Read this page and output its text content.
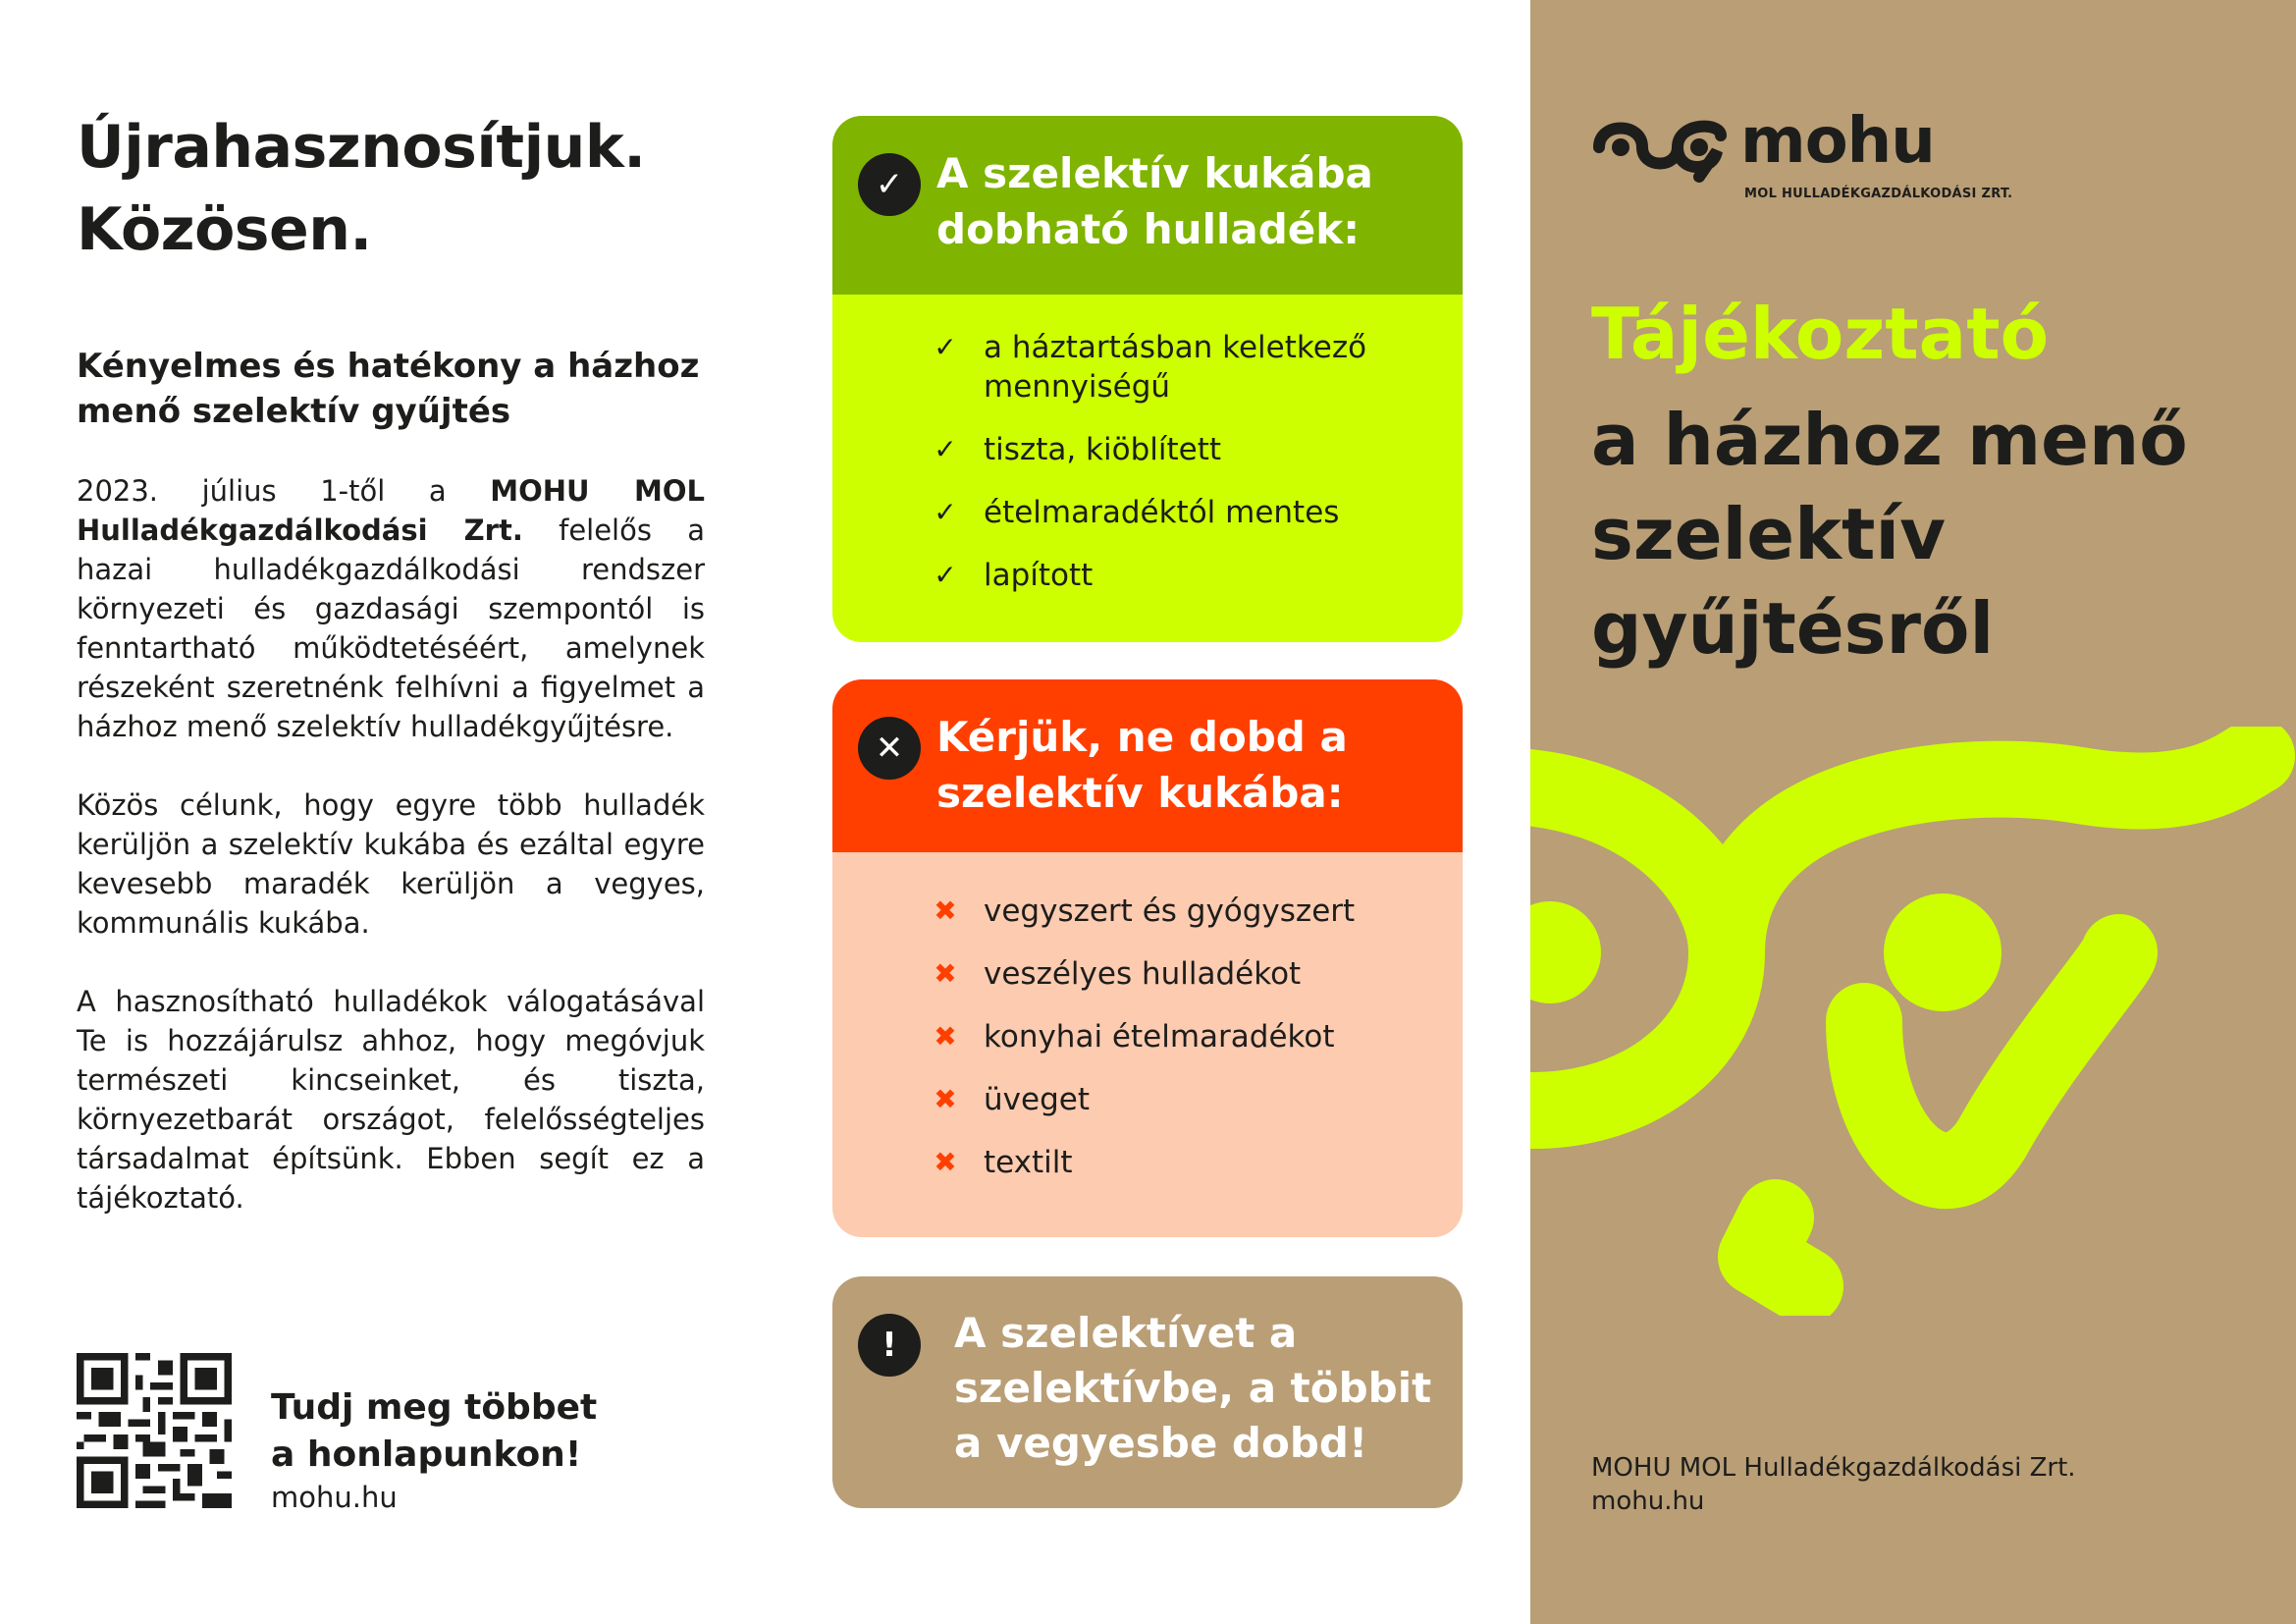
Újrahasznosítjuk.
Közösen.
Kényelmes és hatékony a házhoz menő szelektív gyűjtés

2023. július 1-től a MOHU MOL Hulladékgazdálkodási Zrt. felelős a hazai hulladékgazdálkodási rendszer környezeti és gazdasági szempontól is fenntartható működtetéséért, amelynek részeként szeretnénk felhívni a figyelmet a házhoz menő szelektív hulladékgyűjtésre.

Közös célunk, hogy egyre több hulladék kerüljön a szelektív kukába és ezáltal egyre kevesebb maradék kerüljön a vegyes, kommunális kukába.

A hasznosítható hulladékok válogatásával Te is hozzájárulsz ahhoz, hogy megóvjuk természeti kincseinket, és tiszta, környezetbarát országot, felelősségteljes társadalmat építsünk. Ebben segít ez a tájékoztató.

Tudj meg többet
a honlapunkon!

mohu.hu

✓ A szelektív kukába
dobható hulladék:
✓ a háztartásban keletkező mennyiségű
✓ tiszta, kiöblített
✓ ételmaradéktól mentes
✓ lapított
✕ Kérjük, ne dobd a
szelektív kukába:
✖ vegyszert és gyógyszert
✖ veszélyes hulladékot
✖ konyhai ételmaradékot
✖ üveget
✖ textilt
!	A szelektívet a
szelektívbe, a többit
a vegyesbe dobd!
mohu
MOL HULLADÉKGAZDÁLKODÁSI ZRT.

Tájékoztató

a házhoz menő
szelektív
gyűjtésről

MOHU MOL Hulladékgazdálkodási Zrt.
mohu.hu
